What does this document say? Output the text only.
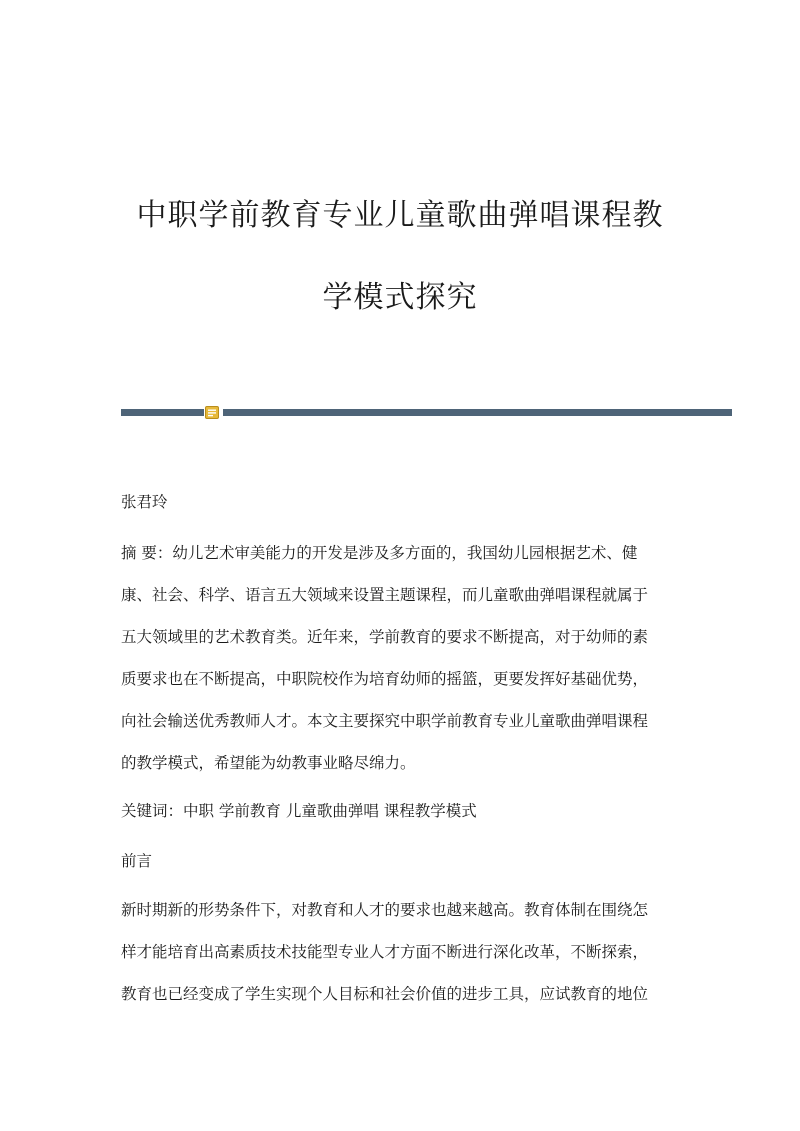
中职学前教育专业儿童歌曲弹唱课程教
学模式探究
张君玲
摘 要：幼儿艺术审美能力的开发是涉及多方面的，我国幼儿园根据艺术、健
康、社会、科学、语言五大领域来设置主题课程，而儿童歌曲弹唱课程就属于
五大领域里的艺术教育类。近年来，学前教育的要求不断提高，对于幼师的素
质要求也在不断提高，中职院校作为培育幼师的摇篮，更要发挥好基础优势，
向社会输送优秀教师人才。本文主要探究中职学前教育专业儿童歌曲弹唱课程
的教学模式，希望能为幼教事业略尽绵力。
关键词：中职 学前教育 儿童歌曲弹唱 课程教学模式
前言
新时期新的形势条件下，对教育和人才的要求也越来越高。教育体制在围绕怎
样才能培育出高素质技术技能型专业人才方面不断进行深化改革，不断探索，
教育也已经变成了学生实现个人目标和社会价值的进步工具，应试教育的地位
